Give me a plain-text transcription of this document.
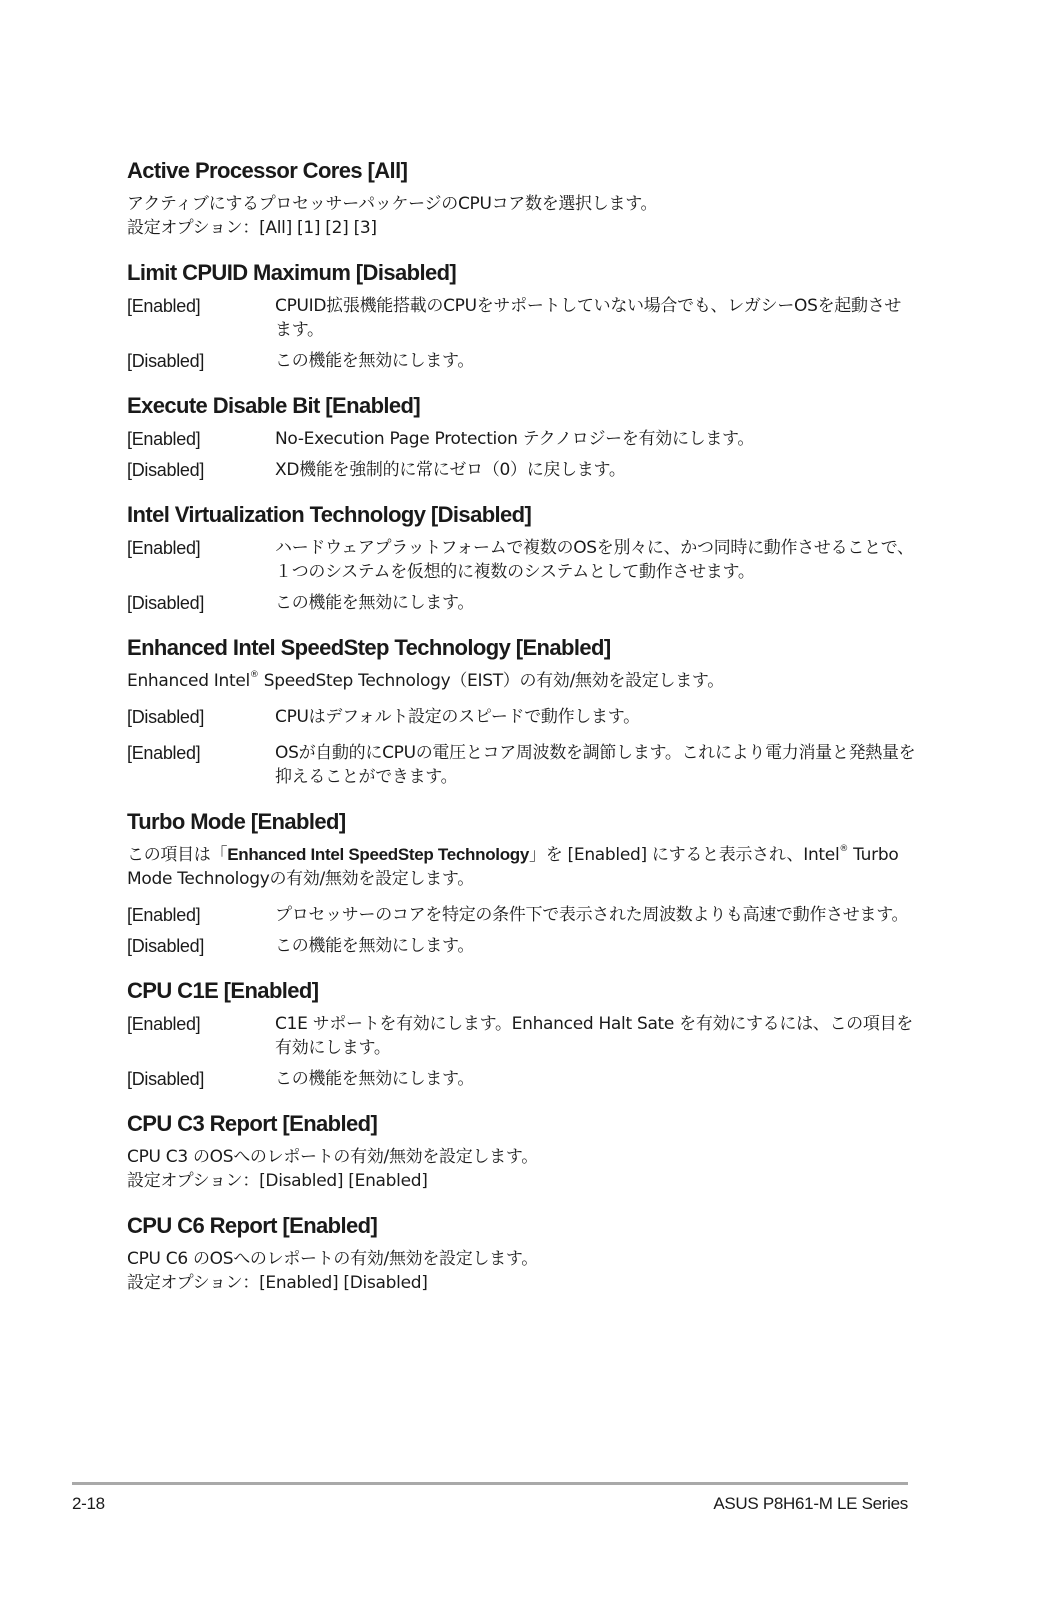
Active Processor Cores [All]
アクティブにするプロセッサーパッケージのCPUコア数を選択します。
設定オプション：[All] [1] [2] [3]
Limit CPUID Maximum [Disabled]
[Enabled]	CPUID拡張機能搭載のCPUをサポートしていない場合でも、レガシーOSを起動させます。
[Disabled]	この機能を無効にします。
Execute Disable Bit [Enabled]
[Enabled]	No-Execution Page Protection テクノロジーを有効にします。
[Disabled]	XD機能を強制的に常にゼロ（0）に戻します。
Intel Virtualization Technology [Disabled]
[Enabled]	ハードウェアプラットフォームで複数のOSを別々に、かつ同時に動作させることで、１つのシステムを仮想的に複数のシステムとして動作させます。
[Disabled]	この機能を無効にします。
Enhanced Intel SpeedStep Technology [Enabled]
Enhanced Intel® SpeedStep Technology（EIST）の有効/無効を設定します。
[Disabled]	CPUはデフォルト設定のスピードで動作します。
[Enabled]	OSが自動的にCPUの電圧とコア周波数を調節します。これにより電力消量と発熱量を抑えることができます。
Turbo Mode [Enabled]
この項目は「Enhanced Intel SpeedStep Technology」を [Enabled] にすると表示され、Intel® Turbo Mode Technologyの有効/無効を設定します。
[Enabled]	プロセッサーのコアを特定の条件下で表示された周波数よりも高速で動作させます。
[Disabled]	この機能を無効にします。
CPU C1E [Enabled]
[Enabled]	C1E サポートを有効にします。Enhanced Halt Sate を有効にするには、この項目を有効にします。
[Disabled]	この機能を無効にします。
CPU C3 Report [Enabled]
CPU C3 のOSへのレポートの有効/無効を設定します。
設定オプション：[Disabled] [Enabled]
CPU C6 Report [Enabled]
CPU C6 のOSへのレポートの有効/無効を設定します。
設定オプション：[Enabled] [Disabled]
2-18	ASUS P8H61-M LE Series
